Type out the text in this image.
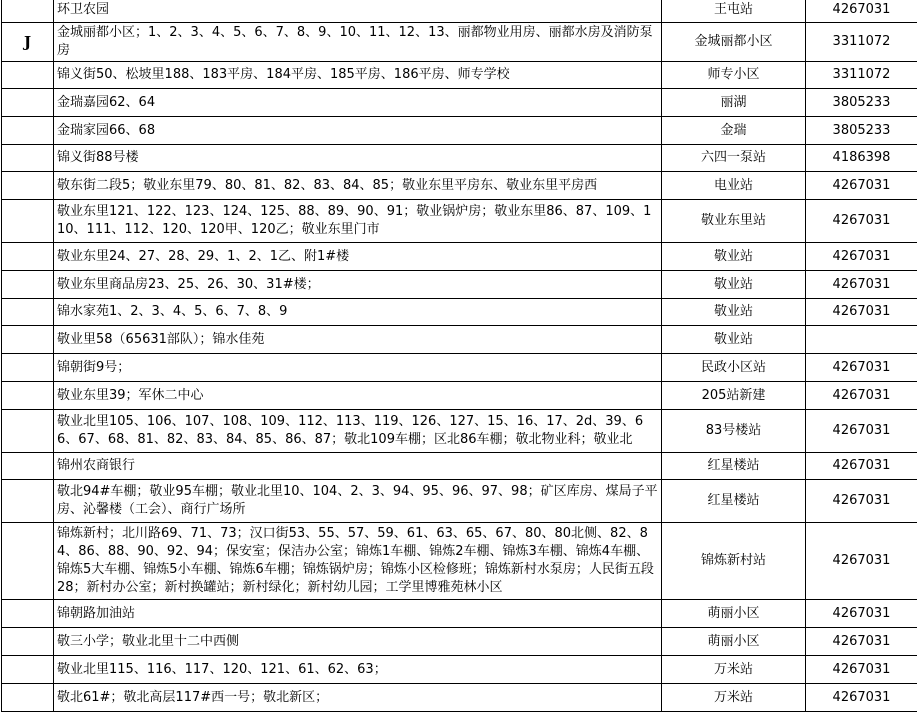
	环卫农园	王屯站	4267031
J	金城丽都小区；1、2、3、4、5、6、7、8、9、10、11、12、13、丽都物业用房、丽都水房及消防泵房	金城丽都小区	3311072
	锦义街50、松坡里188、183平房、184平房、185平房、186平房、师专学校	师专小区	3311072
	金瑞嘉园62、64	丽湖	3805233
	金瑞家园66、68	金瑞	3805233
	锦义街88号楼	六四一泵站	4186398
	敬东街二段5；敬业东里79、80、81、82、83、84、85；敬业东里平房东、敬业东里平房西	电业站	4267031
	敬业东里121、122、123、124、125、88、89、90、91；敬业锅炉房；敬业东里86、87、109、110、111、112、120、120甲、120乙；敬业东里门市	敬业东里站	4267031
	敬业东里24、27、28、29、1、2、1乙、附1#楼	敬业站	4267031
	敬业东里商品房23、25、26、30、31#楼；	敬业站	4267031
	锦水家苑1、2、3、4、5、6、7、8、9	敬业站	4267031
	敬业里58（65631部队）；锦水佳苑	敬业站	
	锦朝街9号；	民政小区站	4267031
	敬业东里39；军休二中心	205站新建	4267031
	敬业北里105、106、107、108、109、112、113、119、126、127、15、16、17、2d、39、66、67、68、81、82、83、84、85、86、87；敬北109车棚；区北86车棚；敬北物业科；敬业北	83号楼站	4267031
	锦州农商银行	红星楼站	4267031
	敬北94#车棚；敬业95车棚；敬业北里10、104、2、3、94、95、96、97、98；矿区库房、煤局子平房、沁馨楼（工会）、商行广场所	红星楼站	4267031
	锦炼新村；北川路69、71、73；汉口街53、55、57、59、61、63、65、67、80、80北侧、82、84、86、88、90、92、94；保安室；保洁办公室；锦炼1车棚、锦炼2车棚、锦炼3车棚、锦炼4车棚、锦炼5大车棚、锦炼5小车棚、锦炼6车棚；锦炼锅炉房；锦炼小区检修班；锦炼新村水泵房；人民街五段28；新村办公室；新村换罐站；新村绿化；新村幼儿园；工学里博雅苑林小区	锦炼新村站	4267031
	锦朝路加油站	萌丽小区	4267031
	敬三小学；敬业北里十二中西侧	萌丽小区	4267031
	敬业北里115、116、117、120、121、61、62、63；	万米站	4267031
	敬北61#；敬北高层117#西一号；敬北新区；	万米站	4267031
